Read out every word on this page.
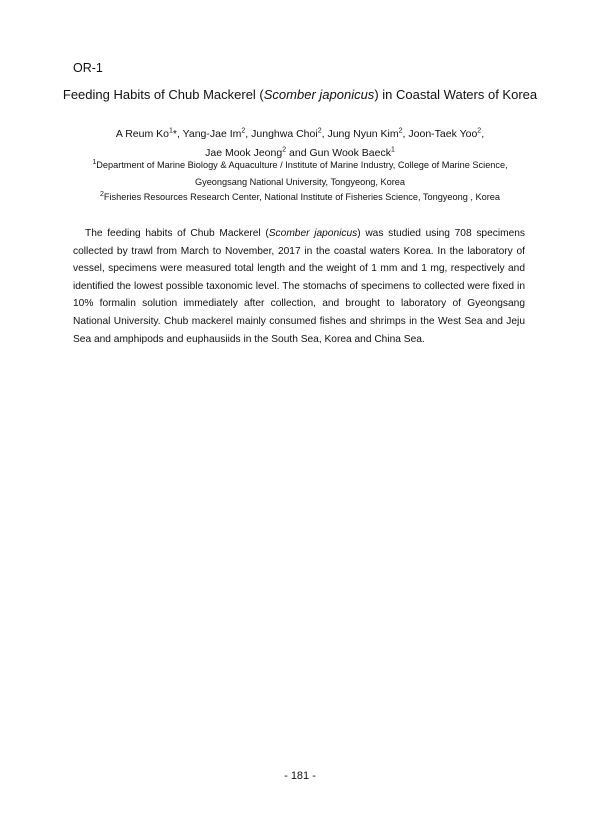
OR-1
Feeding Habits of Chub Mackerel (Scomber japonicus) in Coastal Waters of Korea
A Reum Ko$^1$*, Yang-Jae Im$^2$, Junghwa Choi$^2$, Jung Nyun Kim$^2$, Joon-Taek Yoo$^2$,
Jae Mook Jeong$^2$ and Gun Wook Baeck$^1$
$^1$Department of Marine Biology & Aquaculture / Institute of Marine Industry, College of Marine Science,
Gyeongsang National University, Tongyeong, Korea
$^2$Fisheries Resources Research Center, National Institute of Fisheries Science, Tongyeong , Korea

The feeding habits of Chub Mackerel (Scomber japonicus) was studied using 708 specimens collected by trawl from March to November, 2017 in the coastal waters Korea. In the laboratory of vessel, specimens were measured total length and the weight of 1 mm and 1 mg, respectively and identified the lowest possible taxonomic level. The stomachs of specimens to collected were fixed in 10% formalin solution immediately after collection, and brought to laboratory of Gyeongsang National University. Chub mackerel mainly consumed fishes and shrimps in the West Sea and Jeju Sea and amphipods and euphausiids in the South Sea, Korea and China Sea.

- 181 -
